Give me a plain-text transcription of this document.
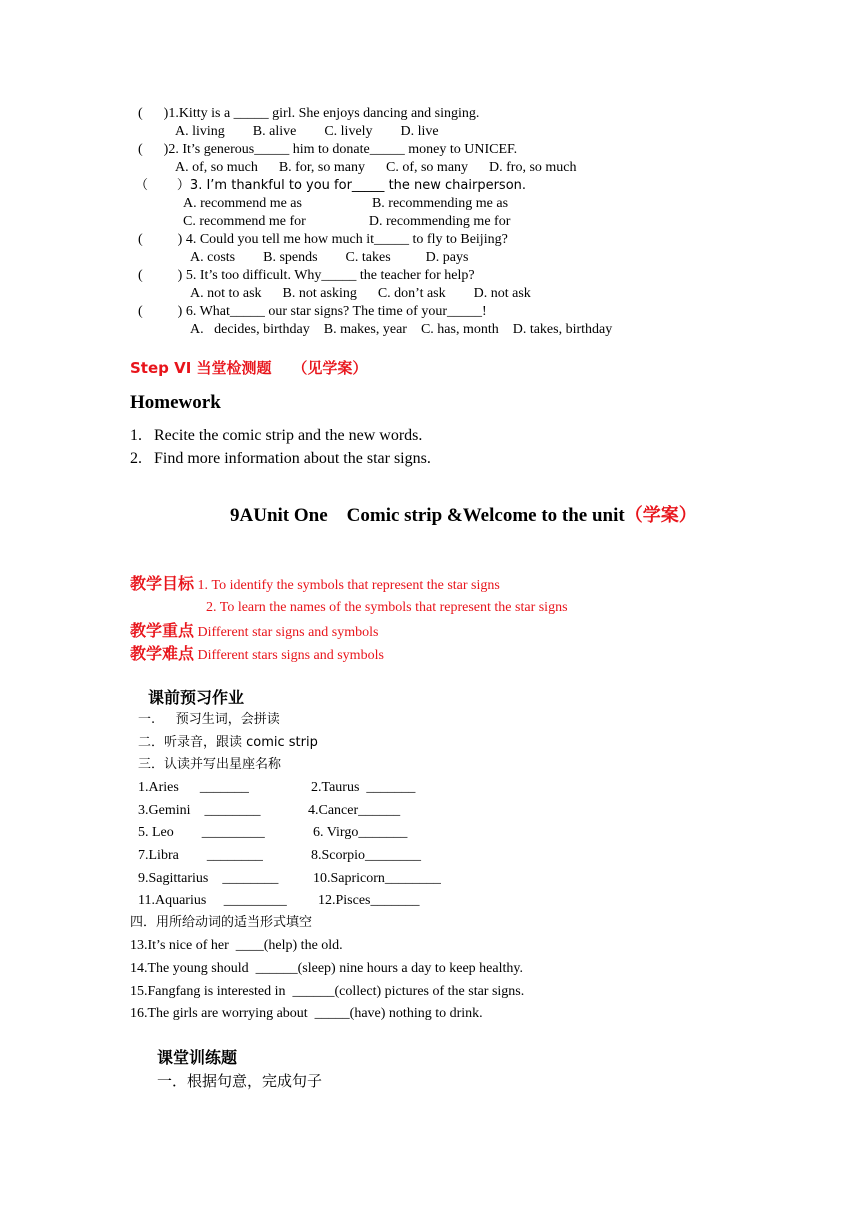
(      )1.Kitty is a _____ girl. She enjoys dancing and singing.
A. living        B. alive        C. lively        D. live
(      )2. It’s generous_____ him to donate_____ money to UNICEF.
A. of, so much      B. for, so many      C. of, so many      D. fro, so much
（       ）3. I’m thankful to you for_____ the new chairperson.
A. recommend me as                    B. recommending me as
C. recommend me for                  D. recommending me for
(          ) 4. Could you tell me how much it_____ to fly to Beijing?
A. costs        B. spends        C. takes          D. pays
(          ) 5. It’s too difficult. Why_____ the teacher for help?
A. not to ask      B. not asking      C. don’t ask        D. not ask
(          ) 6. What_____ our star signs? The time of your_____!
A.   decides, birthday    B. makes, year    C. has, month    D. takes, birthday
Step VI 当堂检测题    （见学案）
Homework
1.   Recite the comic strip and the new words.
2.   Find more information about the star signs.
9AUnit One    Comic strip &Welcome to the unit（学案）
教学目标 1. To identify the symbols that represent the star signs
2. To learn the names of the symbols that represent the star signs
教学重点 Different star signs and symbols
教学难点 Different stars signs and symbols
课前预习作业
一.     预习生词，会拼读
二．听录音，跟读 comic strip
三．认读并写出星座名称
1.Aries      _______	2.Taurus  _______
3.Gemini    ________	4.Cancer______
5. Leo        _________	6. Virgo_______
7.Libra        ________	8.Scorpio________
9.Sagittarius    ________ 10.Sapricorn________
11.Aquarius     _________ 12.Pisces_______
四．用所给动词的适当形式填空
13.It’s nice of her  ____(help) the old.
14.The young should  ______(sleep) nine hours a day to keep healthy.
15.Fangfang is interested in  ______(collect) pictures of the star signs.
16.The girls are worrying about  _____(have) nothing to drink.
课堂训练题
一．根据句意，完成句子
